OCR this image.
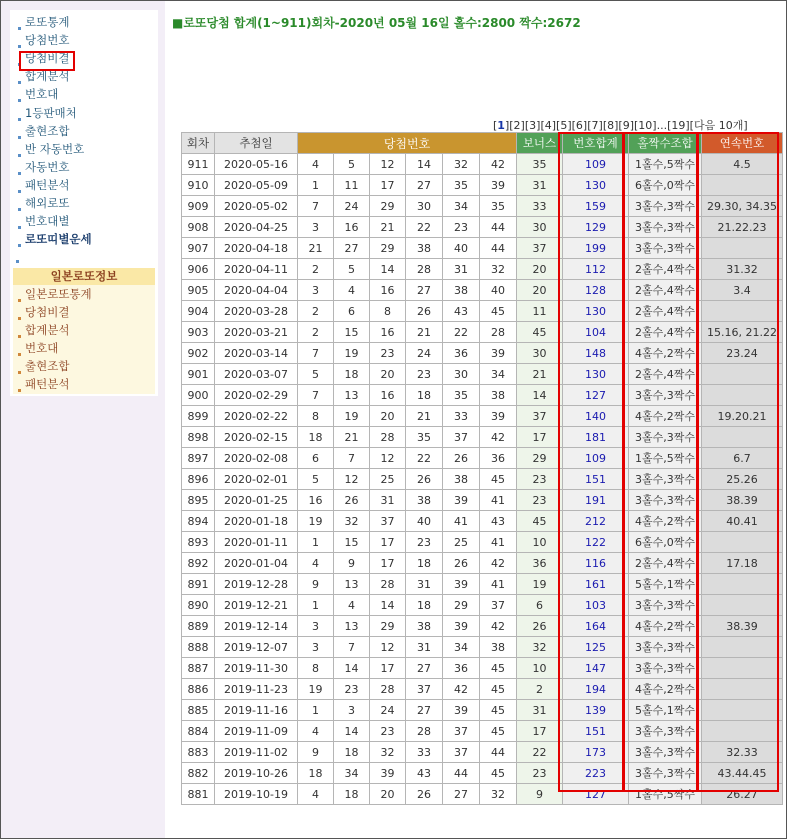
일본로또정보
로또통계
당첨번호
당첨비결
합계분석
번호대
1등판매처
출현조합
반 자동번호
자동번호
패턴분석
해외로또
번호대별
로또띠별운세
일본로또통계
당첨비결
합계분석
번호대
출현조합
패턴분석
■로또당첨 합계(1~911)회차-2020년 05월 16일 홀수:2800 짝수:2672
[1][2][3][4][5][6][7][8][9][10]...[19][다음 10개]
회차	추첨일	당첨번호						보너스	번호합계	홀짝수조합	연속번호
911	2020-05-16	4	5	12	14	32	42	35	109	1홀수,5짝수	4.5
910	2020-05-09	1	11	17	27	35	39	31	130	6홀수,0짝수	
909	2020-05-02	7	24	29	30	34	35	33	159	3홀수,3짝수	29.30, 34.35
908	2020-04-25	3	16	21	22	23	44	30	129	3홀수,3짝수	21.22.23
907	2020-04-18	21	27	29	38	40	44	37	199	3홀수,3짝수	
906	2020-04-11	2	5	14	28	31	32	20	112	2홀수,4짝수	31.32
905	2020-04-04	3	4	16	27	38	40	20	128	2홀수,4짝수	3.4
904	2020-03-28	2	6	8	26	43	45	11	130	2홀수,4짝수	
903	2020-03-21	2	15	16	21	22	28	45	104	2홀수,4짝수	15.16, 21.22
902	2020-03-14	7	19	23	24	36	39	30	148	4홀수,2짝수	23.24
901	2020-03-07	5	18	20	23	30	34	21	130	2홀수,4짝수	
900	2020-02-29	7	13	16	18	35	38	14	127	3홀수,3짝수	
899	2020-02-22	8	19	20	21	33	39	37	140	4홀수,2짝수	19.20.21
898	2020-02-15	18	21	28	35	37	42	17	181	3홀수,3짝수	
897	2020-02-08	6	7	12	22	26	36	29	109	1홀수,5짝수	6.7
896	2020-02-01	5	12	25	26	38	45	23	151	3홀수,3짝수	25.26
895	2020-01-25	16	26	31	38	39	41	23	191	3홀수,3짝수	38.39
894	2020-01-18	19	32	37	40	41	43	45	212	4홀수,2짝수	40.41
893	2020-01-11	1	15	17	23	25	41	10	122	6홀수,0짝수	
892	2020-01-04	4	9	17	18	26	42	36	116	2홀수,4짝수	17.18
891	2019-12-28	9	13	28	31	39	41	19	161	5홀수,1짝수	
890	2019-12-21	1	4	14	18	29	37	6	103	3홀수,3짝수	
889	2019-12-14	3	13	29	38	39	42	26	164	4홀수,2짝수	38.39
888	2019-12-07	3	7	12	31	34	38	32	125	3홀수,3짝수	
887	2019-11-30	8	14	17	27	36	45	10	147	3홀수,3짝수	
886	2019-11-23	19	23	28	37	42	45	2	194	4홀수,2짝수	
885	2019-11-16	1	3	24	27	39	45	31	139	5홀수,1짝수	
884	2019-11-09	4	14	23	28	37	45	17	151	3홀수,3짝수	
883	2019-11-02	9	18	32	33	37	44	22	173	3홀수,3짝수	32.33
882	2019-10-26	18	34	39	43	44	45	23	223	3홀수,3짝수	43.44.45
881	2019-10-19	4	18	20	26	27	32	9	127	1홀수,5짝수	26.27
